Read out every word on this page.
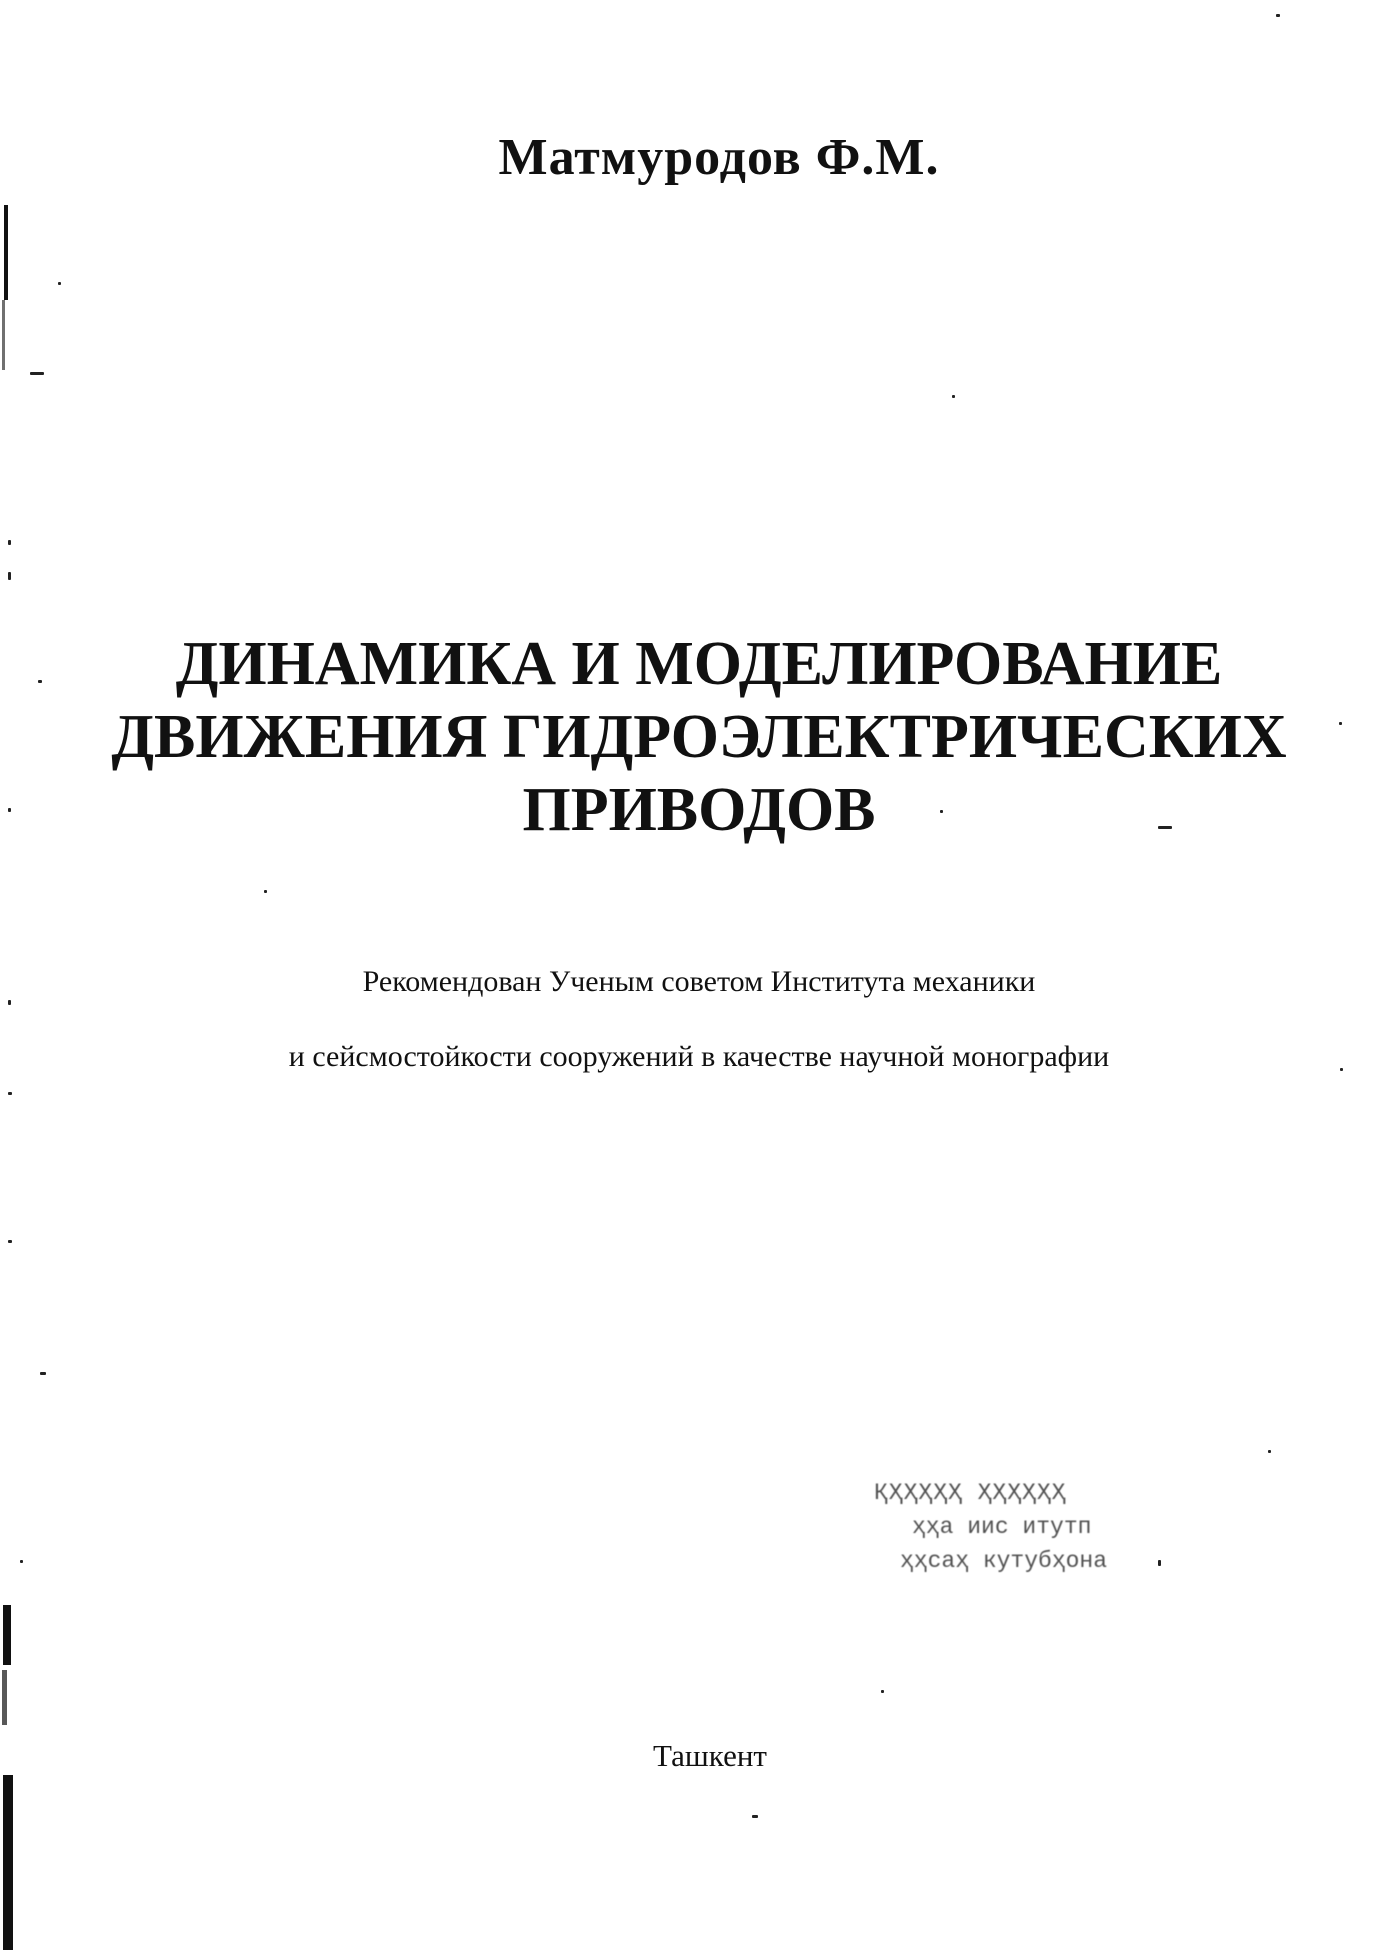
Матмуродов Ф.М.
ДИНАМИКА И МОДЕЛИРОВАНИЕ
ДВИЖЕНИЯ ГИДРОЭЛЕКТРИЧЕСКИХ
ПРИВОДОВ
Рекомендован Ученым советом Института механики
и сейсмостойкости сооружений в качестве научной монографии
ҚҲҲҲҲҲ ҲҲҲҲҲҲ
ҳҳа иис итутп
ҳҳсаҳ кутубҳона
Ташкент
